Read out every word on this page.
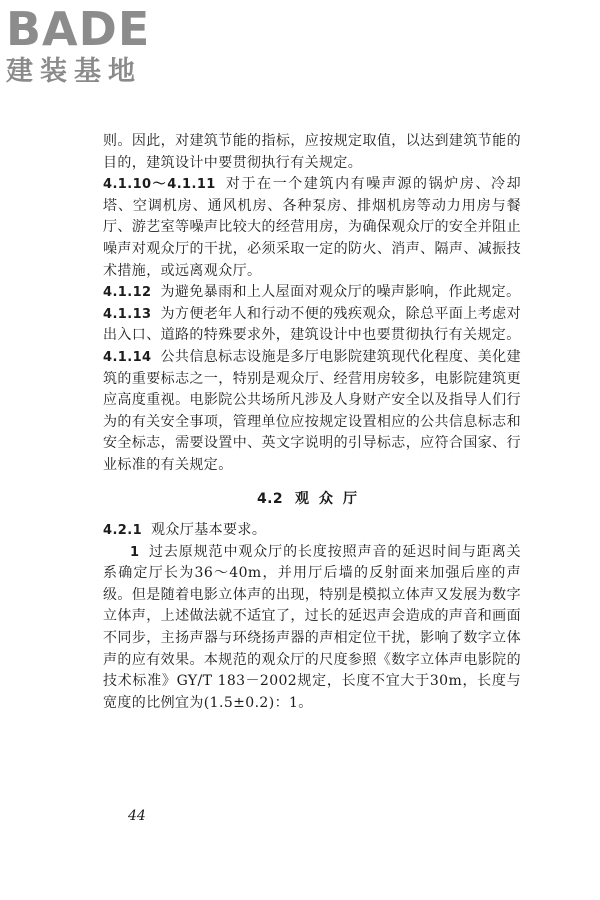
BADE
建装基地

则。因此，对建筑节能的指标，应按规定取值，以达到建筑节能的目的，建筑设计中要贯彻执行有关规定。

4.1.10～4.1.11 对于在一个建筑内有噪声源的锅炉房、冷却塔、空调机房、通风机房、各种泵房、排烟机房等动力用房与餐厅、游艺室等噪声比较大的经营用房，为确保观众厅的安全并阻止噪声对观众厅的干扰，必须采取一定的防火、消声、隔声、减振技术措施，或远离观众厅。

4.1.12 为避免暴雨和上人屋面对观众厅的噪声影响，作此规定。

4.1.13 为方便老年人和行动不便的残疾观众，除总平面上考虑对出入口、道路的特殊要求外，建筑设计中也要贯彻执行有关规定。

4.1.14 公共信息标志设施是多厅电影院建筑现代化程度、美化建筑的重要标志之一，特别是观众厅、经营用房较多，电影院建筑更应高度重视。电影院公共场所凡涉及人身财产安全以及指导人们行为的有关安全事项，管理单位应按规定设置相应的公共信息标志和安全标志，需要设置中、英文字说明的引导标志，应符合国家、行业标准的有关规定。

4.2 观众厅

4.2.1 观众厅基本要求。

1 过去原规范中观众厅的长度按照声音的延迟时间与距离关系确定厅长为36～40m，并用厅后墙的反射面来加强后座的声级。但是随着电影立体声的出现，特别是模拟立体声又发展为数字立体声，上述做法就不适宜了，过长的延迟声会造成的声音和画面不同步，主扬声器与环绕扬声器的声相定位干扰，影响了数字立体声的应有效果。本规范的观众厅的尺度参照《数字立体声电影院的技术标准》GY/T 183－2002规定，长度不宜大于30m，长度与宽度的比例宜为(1.5±0.2)：1。

44
